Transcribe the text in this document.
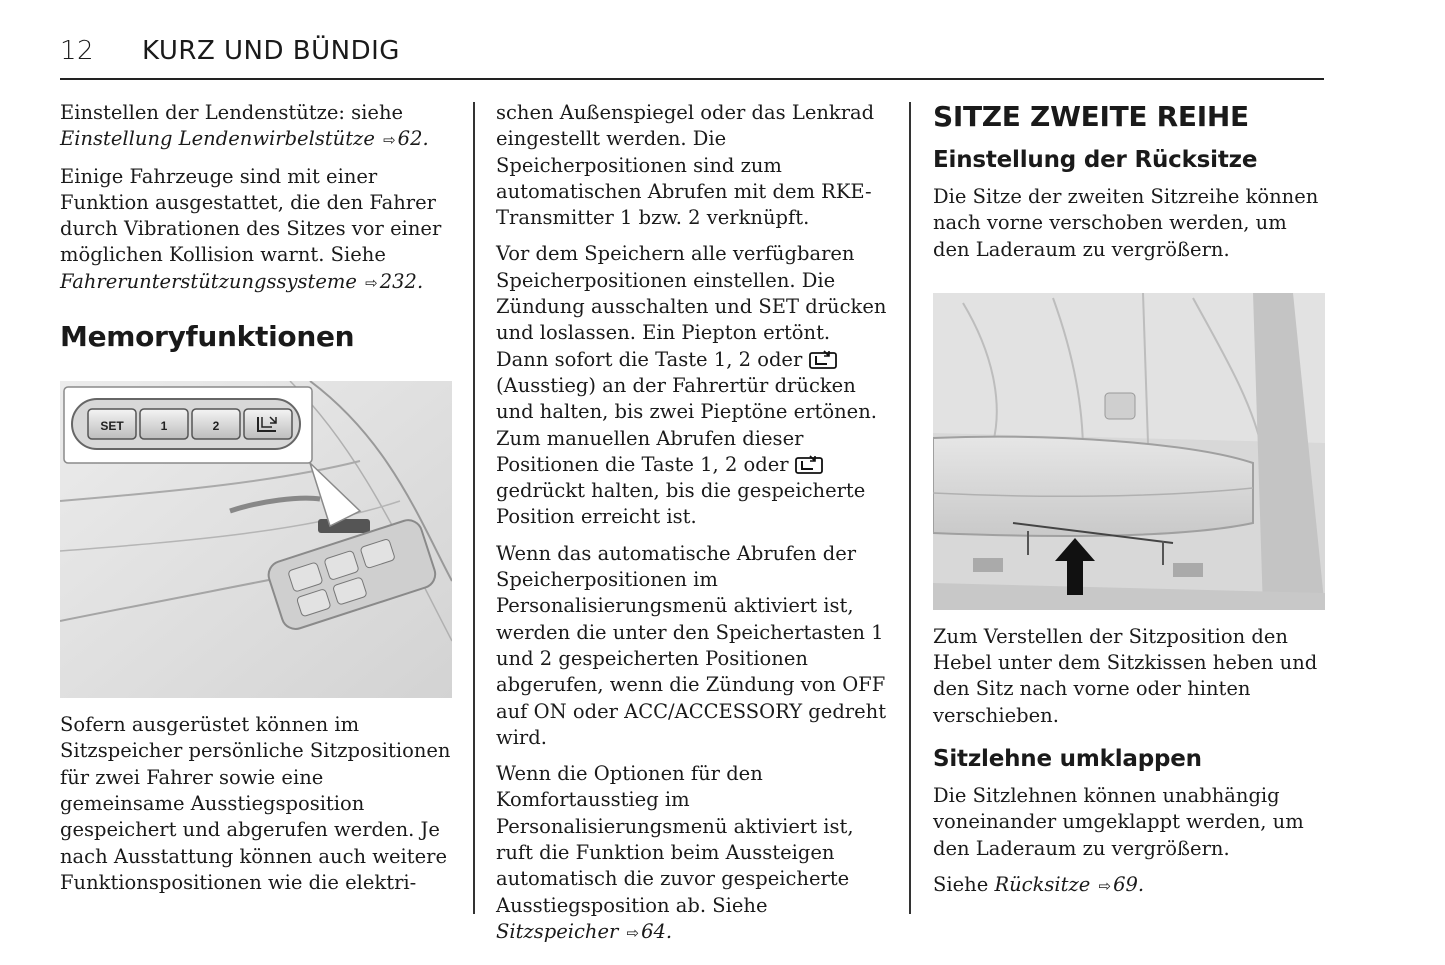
12 KURZ UND BÜNDIG

Einstellen der Lendenstütze: siehe
Einstellung Lendenwirbelstütze ⇨ 62.

Einige Fahrzeuge sind mit einer Funktion ausgestattet, die den Fahrer durch Vibrationen des Sitzes vor einer möglichen Kollision warnt. Siehe Fahrerunterstützungssysteme ⇨ 232.

Memoryfunktionen
SET	1	2

Sofern ausgerüstet können im Sitzspeicher persönliche Sitzpositionen für zwei Fahrer sowie eine gemeinsame Ausstiegsposition gespeichert und abgerufen werden. Je nach Ausstattung können auch weitere Funktionspositionen wie die elektri-

schen Außenspiegel oder das Lenkrad eingestellt werden. Die Speicherpositionen sind zum automatischen Abrufen mit dem RKE-Transmitter 1 bzw. 2 verknüpft.

Vor dem Speichern alle verfügbaren Speicherpositionen einstellen. Die Zündung ausschalten und SET drücken und loslassen. Ein Piepton ertönt. Dann sofort die Taste 1, 2 oder  (Ausstieg) an der Fahrertür drücken und halten, bis zwei Pieptöne ertönen. Zum manuellen Abrufen dieser Positionen die Taste 1, 2 oder  gedrückt halten, bis die gespeicherte Position erreicht ist.

Wenn das automatische Abrufen der Speicherpositionen im Personalisierungsmenü aktiviert ist, werden die unter den Speichertasten 1 und 2 gespeicherten Positionen abgerufen, wenn die Zündung von OFF auf ON oder ACC/ACCESSORY gedreht wird.

Wenn die Optionen für den Komfortausstieg im Personalisierungsmenü aktiviert ist, ruft die Funktion beim Aussteigen automatisch die zuvor gespeicherte Ausstiegsposition ab. Siehe Sitzspeicher ⇨ 64.

SITZE ZWEITE REIHE
Einstellung der Rücksitze

Die Sitze der zweiten Sitzreihe können nach vorne verschoben werden, um den Laderaum zu vergrößern.

Zum Verstellen der Sitzposition den Hebel unter dem Sitzkissen heben und den Sitz nach vorne oder hinten verschieben.

Sitzlehne umklappen

Die Sitzlehnen können unabhängig voneinander umgeklappt werden, um den Laderaum zu vergrößern.

Siehe Rücksitze ⇨ 69.
